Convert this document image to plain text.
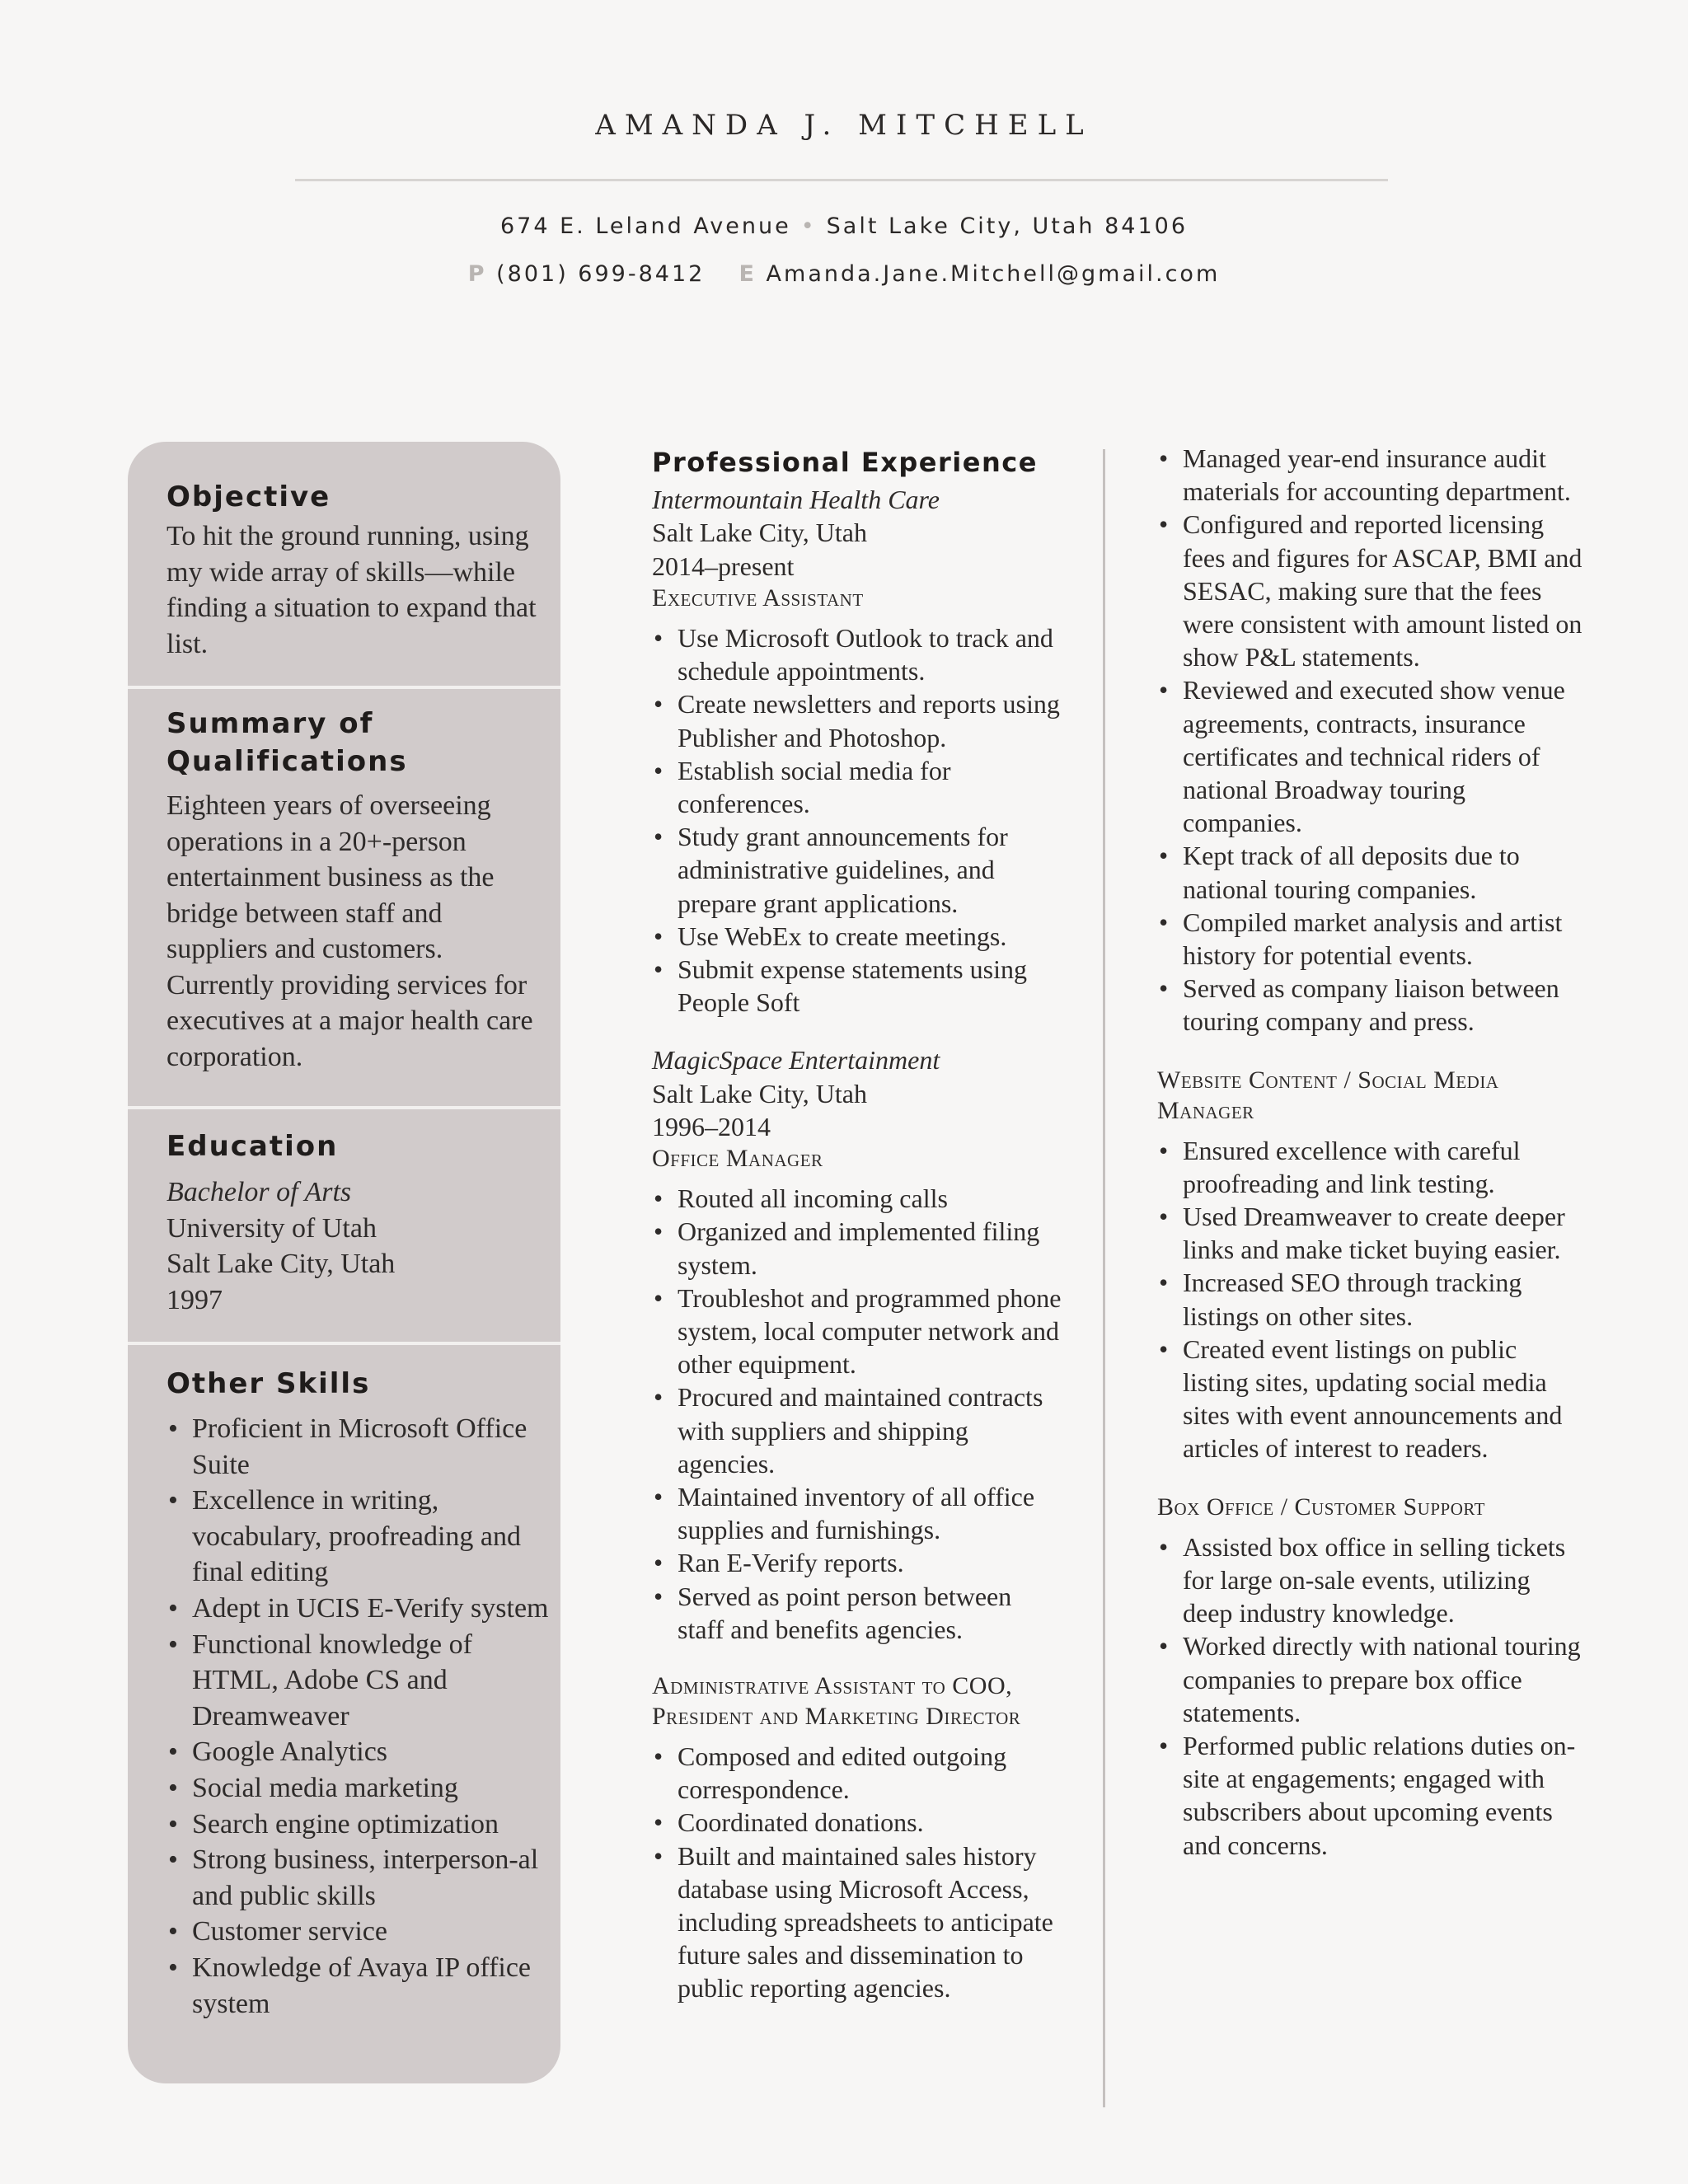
AMANDA J. MITCHELL
674 E. Leland Avenue • Salt Lake City, Utah 84106
P (801) 699-8412 E Amanda.Jane.Mitchell@gmail.com
Objective

To hit the ground running, using my wide array of skills—while finding a situation to expand that list.

Summary of
Qualifications

Eighteen years of overseeing operations in a 20+-person entertainment business as the bridge between staff and suppliers and customers. Currently providing services for executives at a major health care corporation.

Education
Bachelor of Arts
University of Utah
Salt Lake City, Utah
1997
Other Skills
• Proficient in Microsoft Office Suite
• Excellence in writing, vocabulary, proofreading and final editing
• Adept in UCIS E-Verify system
• Functional knowledge of HTML, Adobe CS and Dreamweaver
• Google Analytics
• Social media marketing
• Search engine optimization
• Strong business, interperson-al and public skills
• Customer service
• Knowledge of Avaya IP office system
Professional Experience
Intermountain Health Care
Salt Lake City, Utah
2014–present
Executive Assistant
• Use Microsoft Outlook to track and schedule appointments.
• Create newsletters and reports using Publisher and Photoshop.
• Establish social media for conferences.
• Study grant announcements for administrative guidelines, and prepare grant applications.
• Use WebEx to create meetings.
• Submit expense statements using People Soft
MagicSpace Entertainment
Salt Lake City, Utah
1996–2014
Office Manager
• Routed all incoming calls
• Organized and implemented filing system.
• Troubleshot and programmed phone system, local computer network and other equipment.
• Procured and maintained contracts with suppliers and shipping agencies.
• Maintained inventory of all office supplies and furnishings.
• Ran E-Verify reports.
• Served as point person between staff and benefits agencies.
Administrative Assistant to COO,
President and Marketing Director
• Composed and edited outgoing correspondence.
• Coordinated donations.
• Built and maintained sales history database using Microsoft Access, including spreadsheets to anticipate future sales and dissemination to public reporting agencies.
• Managed year-end insurance audit materials for accounting department.
• Configured and reported licensing fees and figures for ASCAP, BMI and SESAC, making sure that the fees were consistent with amount listed on show P&L statements.
• Reviewed and executed show venue agreements, contracts, insurance certificates and technical riders of national Broadway touring companies.
• Kept track of all deposits due to national touring companies.
• Compiled market analysis and artist history for potential events.
• Served as company liaison between touring company and press.
Website Content / Social Media
Manager
• Ensured excellence with careful proofreading and link testing.
• Used Dreamweaver to create deeper links and make ticket buying easier.
• Increased SEO through tracking listings on other sites.
• Created event listings on public listing sites, updating social media sites with event announcements and articles of interest to readers.
Box Office / Customer Support
• Assisted box office in selling tickets for large on-sale events, utilizing deep industry knowledge.
• Worked directly with national touring companies to prepare box office statements.
• Performed public relations duties on-site at engagements; engaged with subscribers about upcoming events and concerns.
